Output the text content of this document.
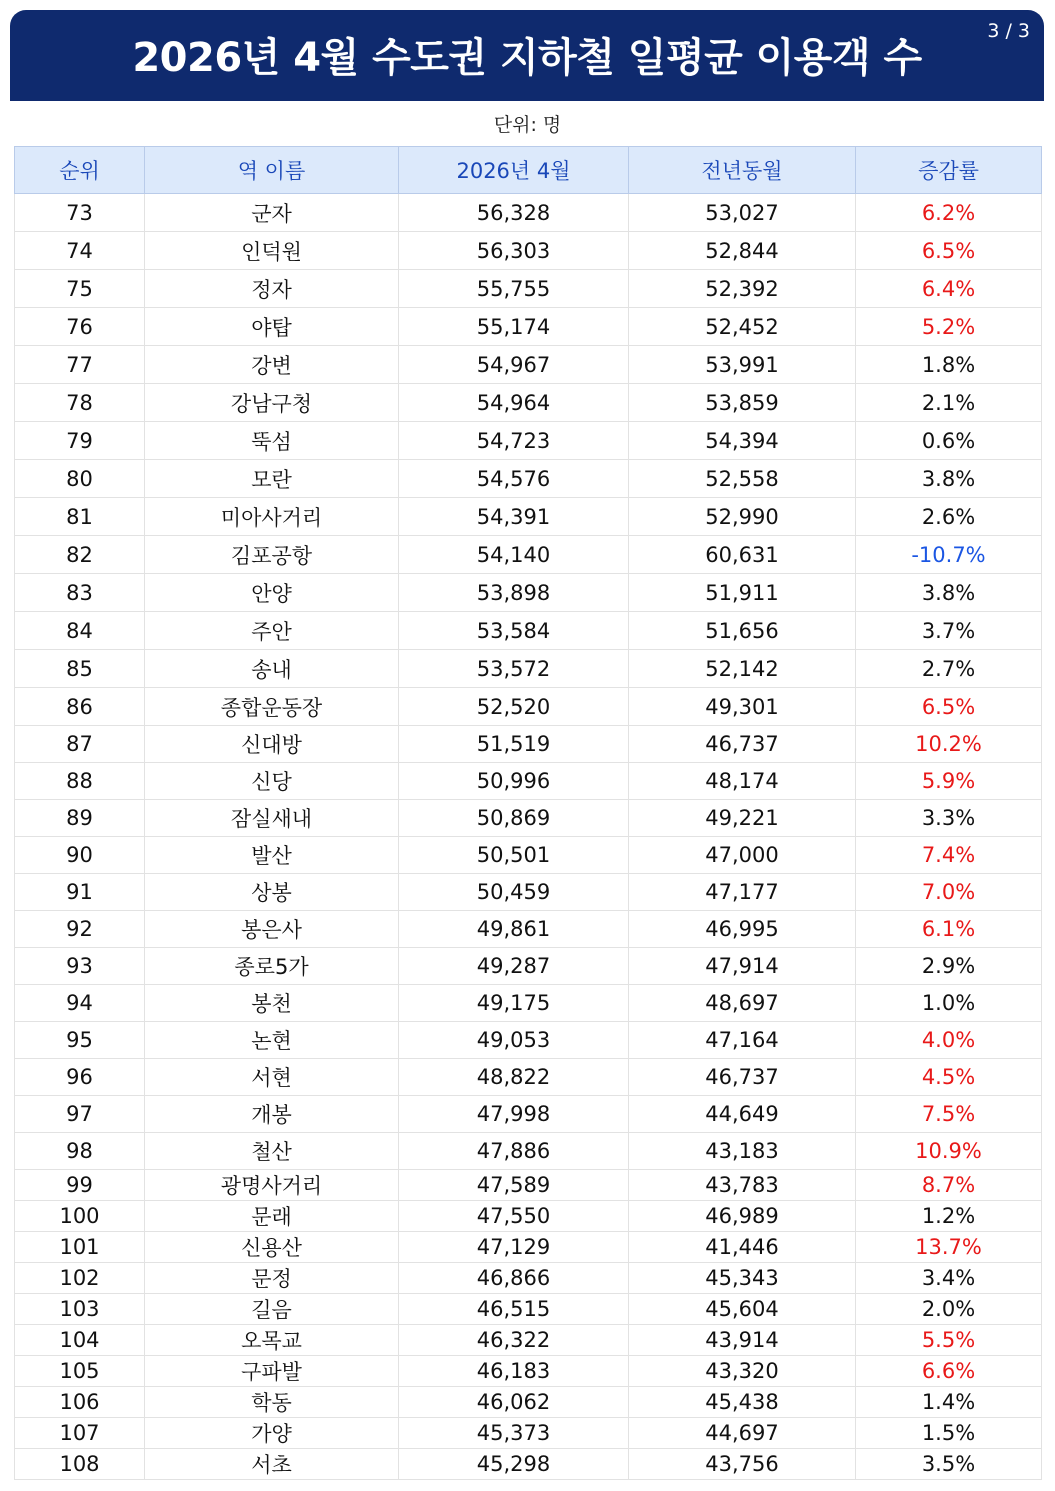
2026년 4월 수도권 지하철 일평균 이용객 수
3 / 3
단위: 명
순위	역 이름	2026년 4월	전년동월	증감률
73	군자	56,328	53,027	6.2%
74	인덕원	56,303	52,844	6.5%
75	정자	55,755	52,392	6.4%
76	야탑	55,174	52,452	5.2%
77	강변	54,967	53,991	1.8%
78	강남구청	54,964	53,859	2.1%
79	뚝섬	54,723	54,394	0.6%
80	모란	54,576	52,558	3.8%
81	미아사거리	54,391	52,990	2.6%
82	김포공항	54,140	60,631	-10.7%
83	안양	53,898	51,911	3.8%
84	주안	53,584	51,656	3.7%
85	송내	53,572	52,142	2.7%
86	종합운동장	52,520	49,301	6.5%
87	신대방	51,519	46,737	10.2%
88	신당	50,996	48,174	5.9%
89	잠실새내	50,869	49,221	3.3%
90	발산	50,501	47,000	7.4%
91	상봉	50,459	47,177	7.0%
92	봉은사	49,861	46,995	6.1%
93	종로5가	49,287	47,914	2.9%
94	봉천	49,175	48,697	1.0%
95	논현	49,053	47,164	4.0%
96	서현	48,822	46,737	4.5%
97	개봉	47,998	44,649	7.5%
98	철산	47,886	43,183	10.9%
99	광명사거리	47,589	43,783	8.7%
100	문래	47,550	46,989	1.2%
101	신용산	47,129	41,446	13.7%
102	문정	46,866	45,343	3.4%
103	길음	46,515	45,604	2.0%
104	오목교	46,322	43,914	5.5%
105	구파발	46,183	43,320	6.6%
106	학동	46,062	45,438	1.4%
107	가양	45,373	44,697	1.5%
108	서초	45,298	43,756	3.5%
